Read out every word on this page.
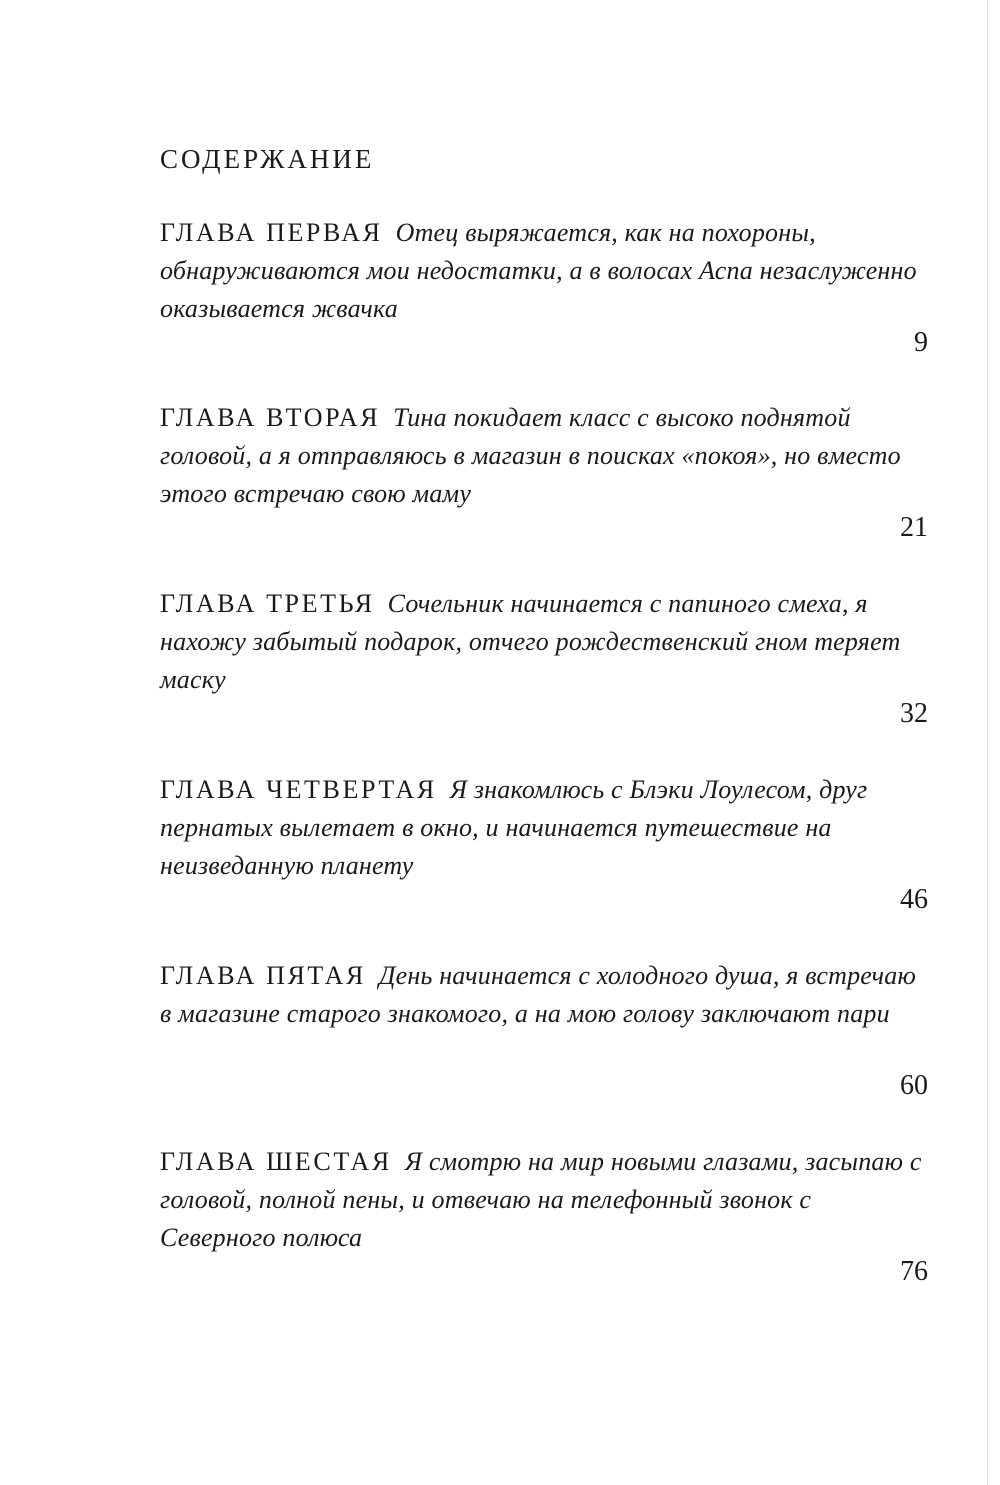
СОДЕРЖАНИЕ

ГЛАВА ПЕРВАЯ Отец выряжается, как на похороны, обнаруживаются мои недостатки, а в волосах Аспа незаслуженно оказывается жвачка

9

ГЛАВА ВТОРАЯ Тина покидает класс с высоко поднятой головой, а я отправляюсь в магазин в поисках «покоя», но вместо этого встречаю свою маму

21

ГЛАВА ТРЕТЬЯ Сочельник начинается с папиного смеха, я нахожу забытый подарок, отчего рождественский гном теряет маску

32

ГЛАВА ЧЕТВЕРТАЯ Я знакомлюсь с Блэки Лоулесом, друг пернатых вылетает в окно, и начинается путешествие на неизведанную планету

46

ГЛАВА ПЯТАЯ День начинается с холодного душа, я встречаю в магазине старого знакомого, а на мою голову заключают пари

60

ГЛАВА ШЕСТАЯ Я смотрю на мир новыми глазами, засыпаю с головой, полной пены, и отвечаю на телефонный звонок с Северного полюса

76
